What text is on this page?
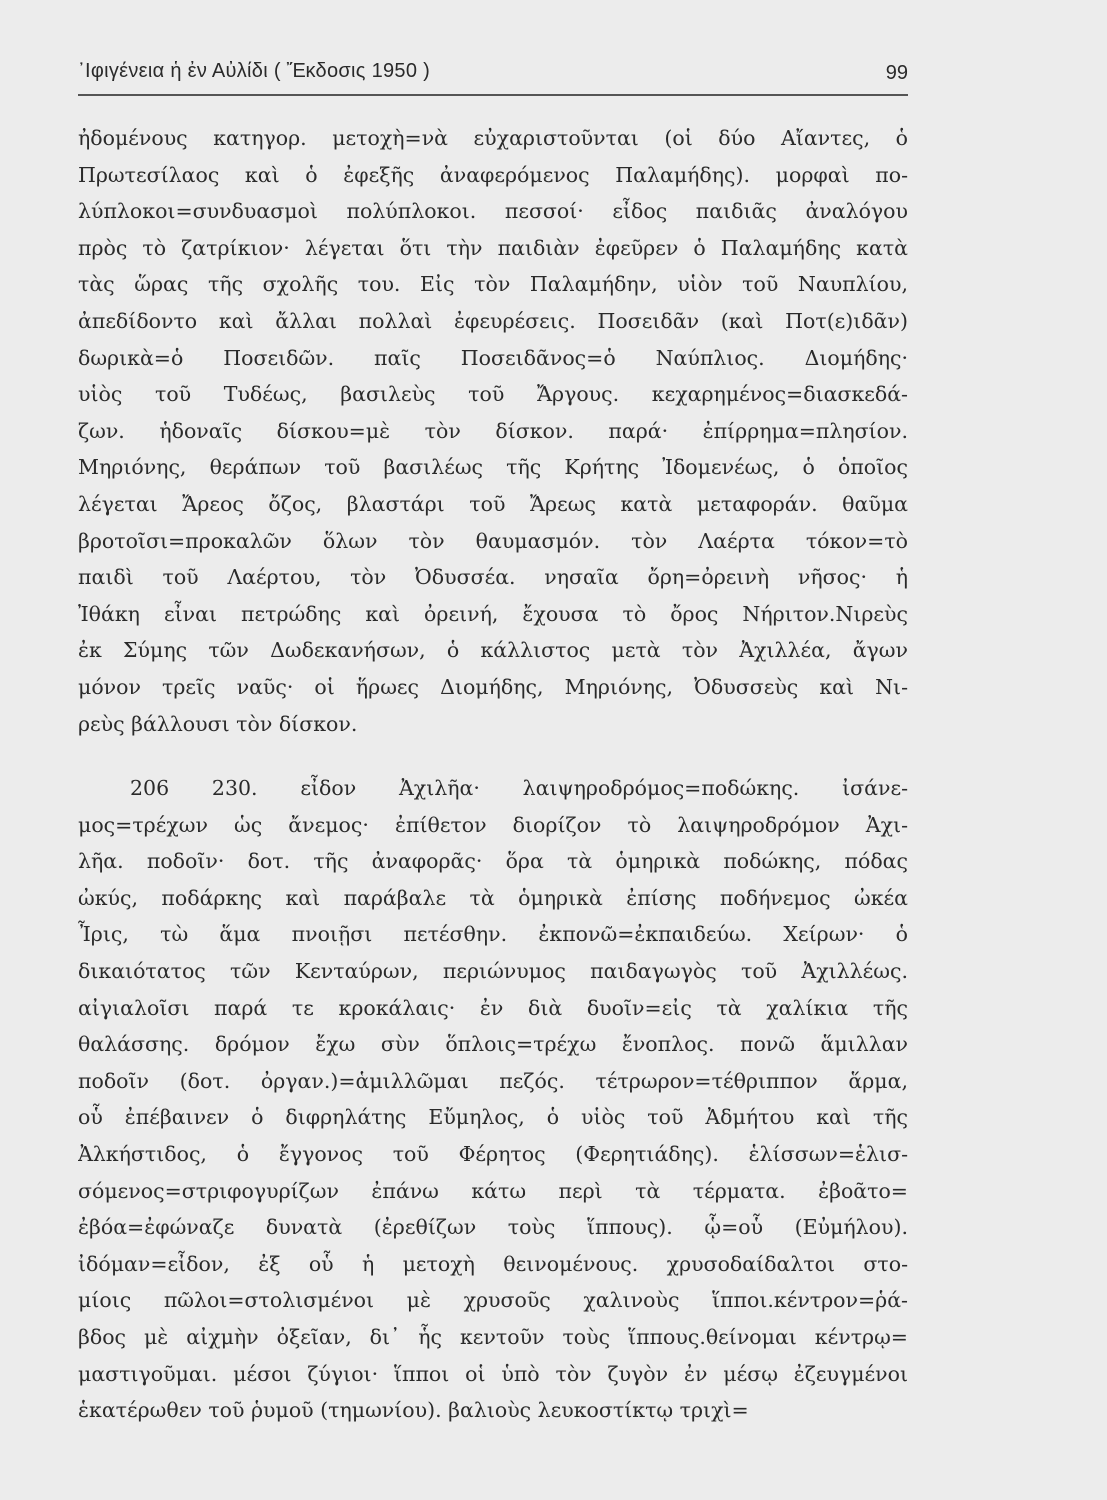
᾿Ιφιγένεια ἡ ἐν Αὐλίδι ( Ἔκδοσις 1950 )	99
ἠδομένους κατηγορ. μετοχὴ=νὰ εὐχαριστοῦνται (οἱ δύο Αἴαντες, ὁ
Πρωτεσίλαος καὶ ὁ ἐφεξῆς ἀναφερόμενος Παλαμήδης). μορφαὶ πο-
λύπλοκοι=συνδυασμοὶ πολύπλοκοι. πεσσοί· εἶδος παιδιᾶς ἀναλόγου
πρὸς τὸ ζατρίκιον· λέγεται ὅτι τὴν παιδιὰν ἐφεῦρεν ὁ Παλαμήδης κατὰ
τὰς ὥρας τῆς σχολῆς του. Εἰς τὸν Παλαμήδην, υἱὸν τοῦ Ναυπλίου,
ἀπεδίδοντο καὶ ἄλλαι πολλαὶ ἐφευρέσεις. Ποσειδᾶν (καὶ Ποτ(ε)ιδᾶν)
δωρικὰ=ὁ Ποσειδῶν. παῖς Ποσειδᾶνος=ὁ Ναύπλιος. Διομήδης·
υἱὸς τοῦ Τυδέως, βασιλεὺς τοῦ Ἄργους. κεχαρημένος=διασκεδά-
ζων. ἡδοναῖς δίσκου=μὲ τὸν δίσκον. παρά· ἐπίρρημα=πλησίον.
Μηριόνης, θεράπων τοῦ βασιλέως τῆς Κρήτης Ἰδομενέως, ὁ ὁποῖος
λέγεται Ἄρεος ὄζος, βλαστάρι τοῦ Ἄρεως κατὰ μεταφοράν. θαῦμα
βροτοῖσι=προκαλῶν ὅλων τὸν θαυμασμόν. τὸν Λαέρτα τόκον=τὸ
παιδὶ τοῦ Λαέρτου, τὸν Ὀδυσσέα. νησαῖα ὄρη=ὀρεινὴ νῆσος· ἡ
Ἰθάκη εἶναι πετρώδης καὶ ὀρεινή, ἔχουσα τὸ ὄρος Νήριτον.Νιρεὺς
ἐκ Σύμης τῶν Δωδεκανήσων, ὁ κάλλιστος μετὰ τὸν Ἀχιλλέα, ἄγων
μόνον τρεῖς ναῦς· οἱ ἥρωες Διομήδης, Μηριόνης, Ὀδυσσεὺς καὶ Νι-
ρεὺς βάλλουσι τὸν δίσκον.
206 230. εἶδον Ἀχιλῆα· λαιψηροδρόμος=ποδώκης. ἰσάνε-
μος=τρέχων ὡς ἄνεμος· ἐπίθετον διορίζον τὸ λαιψηροδρόμον Ἀχι-
λῆα. ποδοῖν· δοτ. τῆς ἀναφορᾶς· ὅρα τὰ ὁμηρικὰ ποδώκης, πόδας
ὠκύς, ποδάρκης καὶ παράβαλε τὰ ὁμηρικὰ ἐπίσης ποδήνεμος ὠκέα
Ἶρις, τὼ ἅμα πνοιῇσι πετέσθην. ἐκπονῶ=ἐκπαιδεύω. Χείρων· ὁ
δικαιότατος τῶν Κενταύρων, περιώνυμος παιδαγωγὸς τοῦ Ἀχιλλέως.
αἰγιαλοῖσι παρά τε κροκάλαις· ἐν διὰ δυοῖν=εἰς τὰ χαλίκια τῆς
θαλάσσης. δρόμον ἔχω σὺν ὅπλοις=τρέχω ἔνοπλος. πονῶ ἅμιλλαν
ποδοῖν (δοτ. ὀργαν.)=ἁμιλλῶμαι πεζός. τέτρωρον=τέθριππον ἅρμα,
οὗ ἐπέβαινεν ὁ διφρηλάτης Εὔμηλος, ὁ υἱὸς τοῦ Ἀδμήτου καὶ τῆς
Ἀλκήστιδος, ὁ ἔγγονος τοῦ Φέρητος (Φερητιάδης). ἑλίσσων=ἑλισ-
σόμενος=στριφογυρίζων ἐπάνω κάτω περὶ τὰ τέρματα. ἐβοᾶτο=
ἐβόα=ἐφώναζε δυνατὰ (ἐρεθίζων τοὺς ἵππους). ᾧ=οὗ (Εὐμήλου).
ἰδόμαν=εἶδον, ἐξ οὗ ἡ μετοχὴ θεινομένους. χρυσοδαίδαλτοι στο-
μίοις πῶλοι=στολισμένοι μὲ χρυσοῦς χαλινοὺς ἵπποι.κέντρον=ῥά-
βδος μὲ αἰχμὴν ὀξεῖαν, δι᾿ ἧς κεντοῦν τοὺς ἵππους.θείνομαι κέντρῳ=
μαστιγοῦμαι. μέσοι ζύγιοι· ἵπποι οἱ ὑπὸ τὸν ζυγὸν ἐν μέσῳ ἐζευγμένοι
ἑκατέρωθεν τοῦ ῥυμοῦ (τημωνίου). βαλιοὺς λευκοστίκτῳ τριχὶ=
